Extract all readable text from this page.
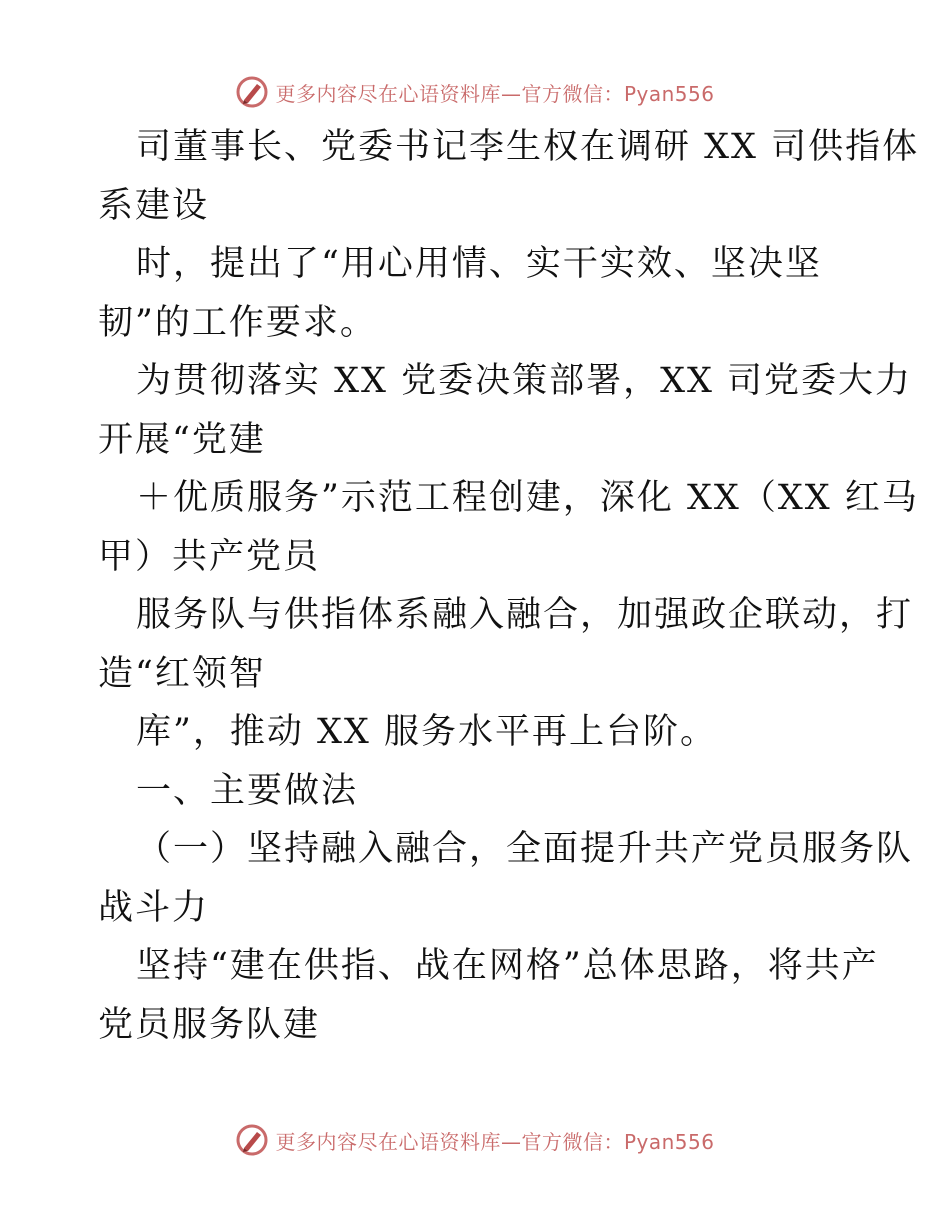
更多内容尽在心语资料库—官方微信：Pyan556
司董事长、党委书记李生权在调研 XX 司供指体
系建设
时，提出了“用心用情、实干实效、坚决坚
韧”的工作要求。
为贯彻落实 XX 党委决策部署，XX 司党委大力
开展“党建
＋优质服务”示范工程创建，深化 XX（XX 红马
甲）共产党员
服务队与供指体系融入融合，加强政企联动，打
造“红领智
库”，推动 XX 服务水平再上台阶。
一、主要做法
（一）坚持融入融合，全面提升共产党员服务队
战斗力
坚持“建在供指、战在网格”总体思路，将共产
党员服务队建
更多内容尽在心语资料库—官方微信：Pyan556
